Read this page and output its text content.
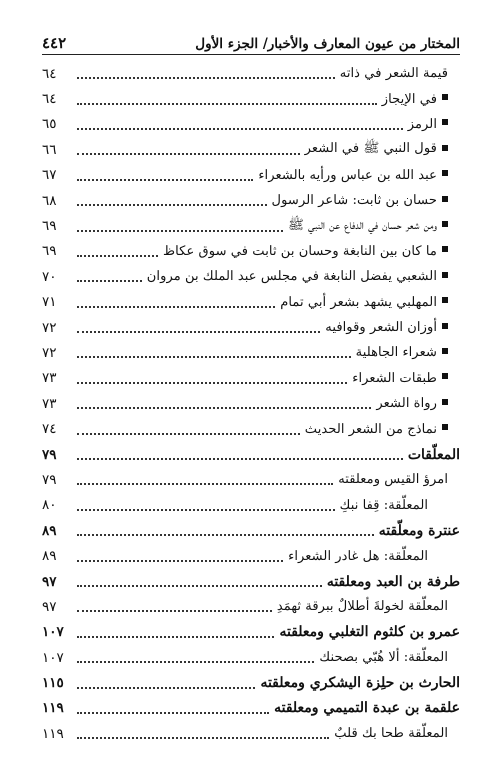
المختار من عيون المعارف والأخبار/ الجزء الأول
٤٤٢
قيمة الشعر في ذاته
٦٤
في الإيجاز
٦٤
الرمز
٦٥
قول النبي ﷺ في الشعر
٦٦
عبد الله بن عباس ورأيه بالشعراء
٦٧
حسان بن ثابت: شاعر الرسول
٦٨
ومن شعر حسان في الدفاع عن النبي ﷺ
٦٩
ما كان بين النابغة وحسان بن ثابت في سوق عكاظ
٦٩
الشعبي يفضل النابغة في مجلس عبد الملك بن مروان
٧٠
المهلبي يشهد بشعر أبي تمام
٧١
أوزان الشعر وقوافيه
٧٢
شعراء الجاهلية
٧٢
طبقات الشعراء
٧٣
رواة الشعر
٧٣
نماذج من الشعر الحديث
٧٤
المعلّقات
٧٩
امرؤ القيس ومعلقته
٧٩
المعلّقة: قِفا نبكِ
٨٠
عنترة ومعلّقته
٨٩
المعلّقة: هل غادر الشعراء
٨٩
طرفة بن العبد ومعلقته
٩٧
المعلّقة لخولةَ أطلالٌ ببرقة ثهمَدِ
٩٧
عمرو بن كلثوم التغلبي ومعلقته
١٠٧
المعلّقة: ألا هُبّي بصحنك
١٠٧
الحارث بن حلِزة اليشكري ومعلقته
١١٥
علقمة بن عبدة التميمي ومعلقته
١١٩
المعلّقة طحا بك قلبٌ
١١٩
